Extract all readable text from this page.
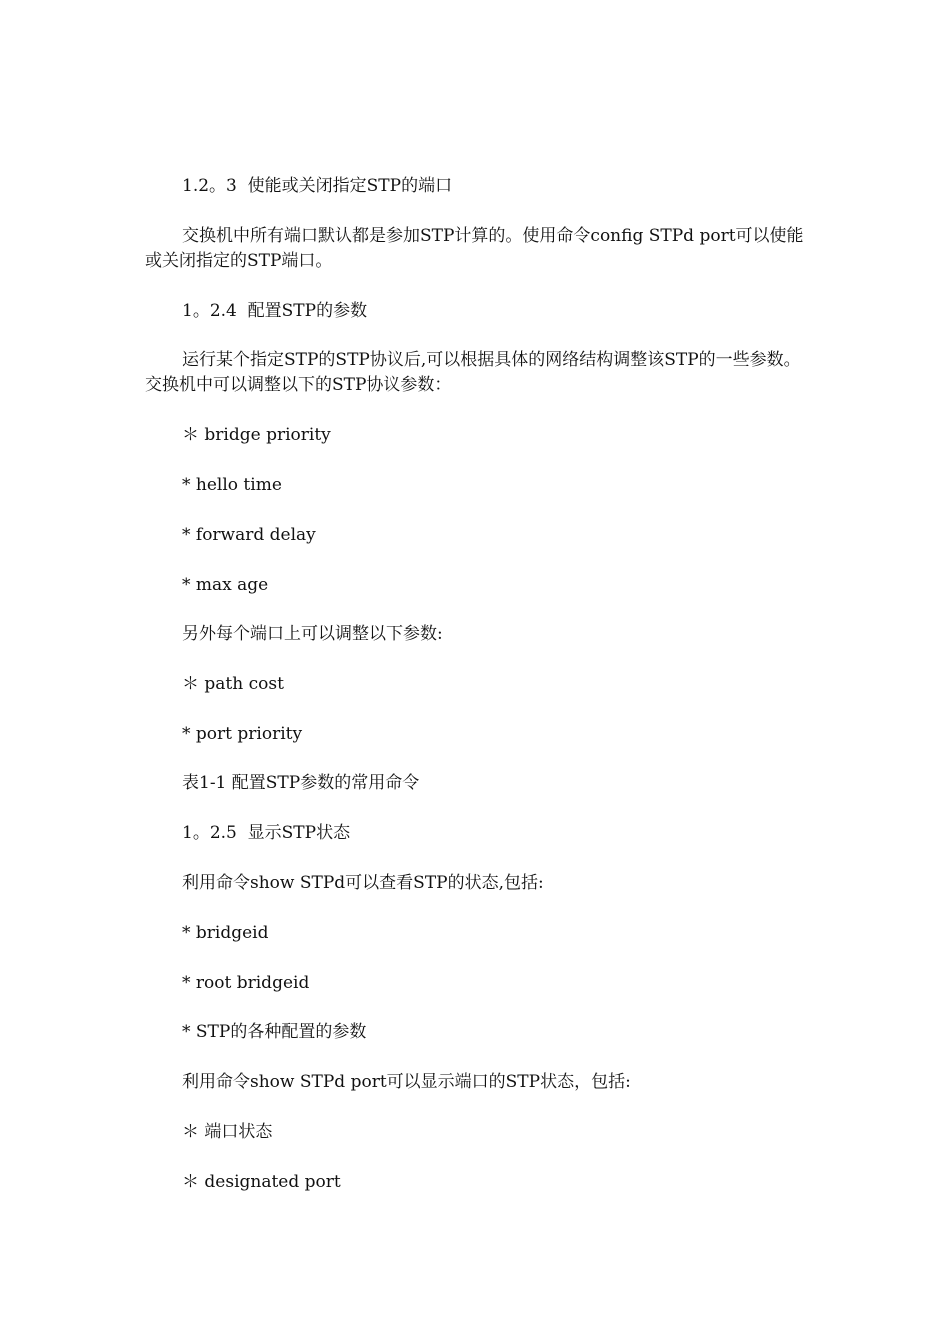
1.2。3  使能或关闭指定STP的端口
交换机中所有端口默认都是参加STP计算的。使用命令config STPd port可以使能或关闭指定的STP端口。
1。2.4  配置STP的参数
运行某个指定STP的STP协议后,可以根据具体的网络结构调整该STP的一些参数。交换机中可以调整以下的STP协议参数：
＊ bridge priority
* hello time
* forward delay
* max age
另外每个端口上可以调整以下参数:
＊ path cost
* port priority
表1-1 配置STP参数的常用命令
1。2.5  显示STP状态
利用命令show STPd可以查看STP的状态,包括:
* bridgeid
* root bridgeid
* STP的各种配置的参数
利用命令show STPd port可以显示端口的STP状态，包括:
＊ 端口状态
＊ designated port
